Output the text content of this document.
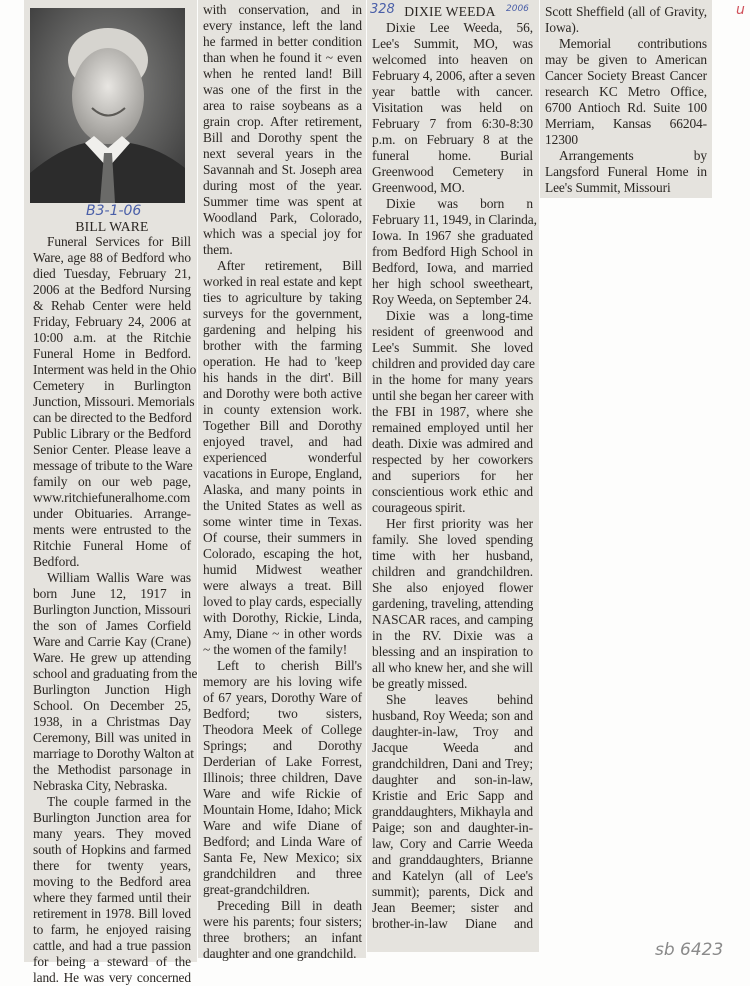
B3-1-06
328	2006	u
sb 6423
BILL WARE
DIXIE WEEDA
Funeral Services for Bill
Ware, age 88 of Bedford who
died Tuesday, February 21,
2006 at the Bedford Nursing
& Rehab Center were held
Friday, February 24, 2006 at
10:00 a.m. at the Ritchie
Funeral Home in Bedford.
Interment was held in the Ohio
Cemetery in Burlington
Junction, Missouri. Memorials
can be directed to the Bedford
Public Library or the Bedford
Senior Center. Please leave a
message of tribute to the Ware
family on our web page,
www.ritchiefuneralhome.com
under Obituaries. Arrange-
ments were entrusted to the
Ritchie Funeral Home of
Bedford.
William Wallis Ware was
born June 12, 1917 in
Burlington Junction, Missouri
the son of James Corfield
Ware and Carrie Kay (Crane)
Ware. He grew up attending
school and graduating from the
Burlington Junction High
School. On December 25,
1938, in a Christmas Day
Ceremony, Bill was united in
marriage to Dorothy Walton at
the Methodist parsonage in
Nebraska City, Nebraska.
The couple farmed in the
Burlington Junction area for
many years. They moved
south of Hopkins and farmed
there for twenty years,
moving to the Bedford area
where they farmed until their
retirement in 1978. Bill loved
to farm, he enjoyed raising
cattle, and had a true passion
for being a steward of the
land. He was very concerned
with conservation, and in
every instance, left the land
he farmed in better condition
than when he found it ~ even
when he rented land! Bill
was one of the first in the
area to raise soybeans as a
grain crop. After retirement,
Bill and Dorothy spent the
next several years in the
Savannah and St. Joseph area
during most of the year.
Summer time was spent at
Woodland Park, Colorado,
which was a special joy for
them.
After retirement, Bill
worked in real estate and kept
ties to agriculture by taking
surveys for the government,
gardening and helping his
brother with the farming
operation. He had to 'keep
his hands in the dirt'. Bill
and Dorothy were both active
in county extension work.
Together Bill and Dorothy
enjoyed travel, and had
experienced wonderful
vacations in Europe, England,
Alaska, and many points in
the United States as well as
some winter time in Texas.
Of course, their summers in
Colorado, escaping the hot,
humid Midwest weather
were always a treat. Bill
loved to play cards, especially
with Dorothy, Rickie, Linda,
Amy, Diane ~ in other words
~ the women of the family!
Left to cherish Bill's
memory are his loving wife
of 67 years, Dorothy Ware of
Bedford; two sisters,
Theodora Meek of College
Springs; and Dorothy
Derderian of Lake Forrest,
Illinois; three children, Dave
Ware and wife Rickie of
Mountain Home, Idaho; Mick
Ware and wife Diane of
Bedford; and Linda Ware of
Santa Fe, New Mexico; six
grandchildren and three
great-grandchildren.
Preceding Bill in death
were his parents; four sisters;
three brothers; an infant
daughter and one grandchild.
Dixie Lee Weeda, 56,
Lee's Summit, MO, was
welcomed into heaven on
February 4, 2006, after a seven
year battle with cancer.
Visitation was held on
February 7 from 6:30-8:30
p.m. on February 8 at the
funeral home. Burial
Greenwood Cemetery in
Greenwood, MO.
Dixie was born n
February 11, 1949, in Clarinda,
Iowa. In 1967 she graduated
from Bedford High School in
Bedford, Iowa, and married
her high school sweetheart,
Roy Weeda, on September 24.
Dixie was a long-time
resident of greenwood and
Lee's Summit. She loved
children and provided day care
in the home for many years
until she began her career with
the FBI in 1987, where she
remained employed until her
death. Dixie was admired and
respected by her coworkers
and superiors for her
conscientious work ethic and
courageous spirit.
Her first priority was her
family. She loved spending
time with her husband,
children and grandchildren.
She also enjoyed flower
gardening, traveling, attending
NASCAR races, and camping
in the RV. Dixie was a
blessing and an inspiration to
all who knew her, and she will
be greatly missed.
She leaves behind
husband, Roy Weeda; son and
daughter-in-law, Troy and
Jacque Weeda and
grandchildren, Dani and Trey;
daughter and son-in-law,
Kristie and Eric Sapp and
granddaughters, Mikhayla and
Paige; son and daughter-in-
law, Cory and Carrie Weeda
and granddaughters, Brianne
and Katelyn (all of Lee's
summit); parents, Dick and
Jean Beemer; sister and
brother-in-law Diane and
Scott Sheffield (all of Gravity,
Iowa).
Memorial contributions
may be given to American
Cancer Society Breast Cancer
research KC Metro Office,
6700 Antioch Rd. Suite 100
Merriam, Kansas 66204-
12300
Arrangements by
Langsford Funeral Home in
Lee's Summit, Missouri
